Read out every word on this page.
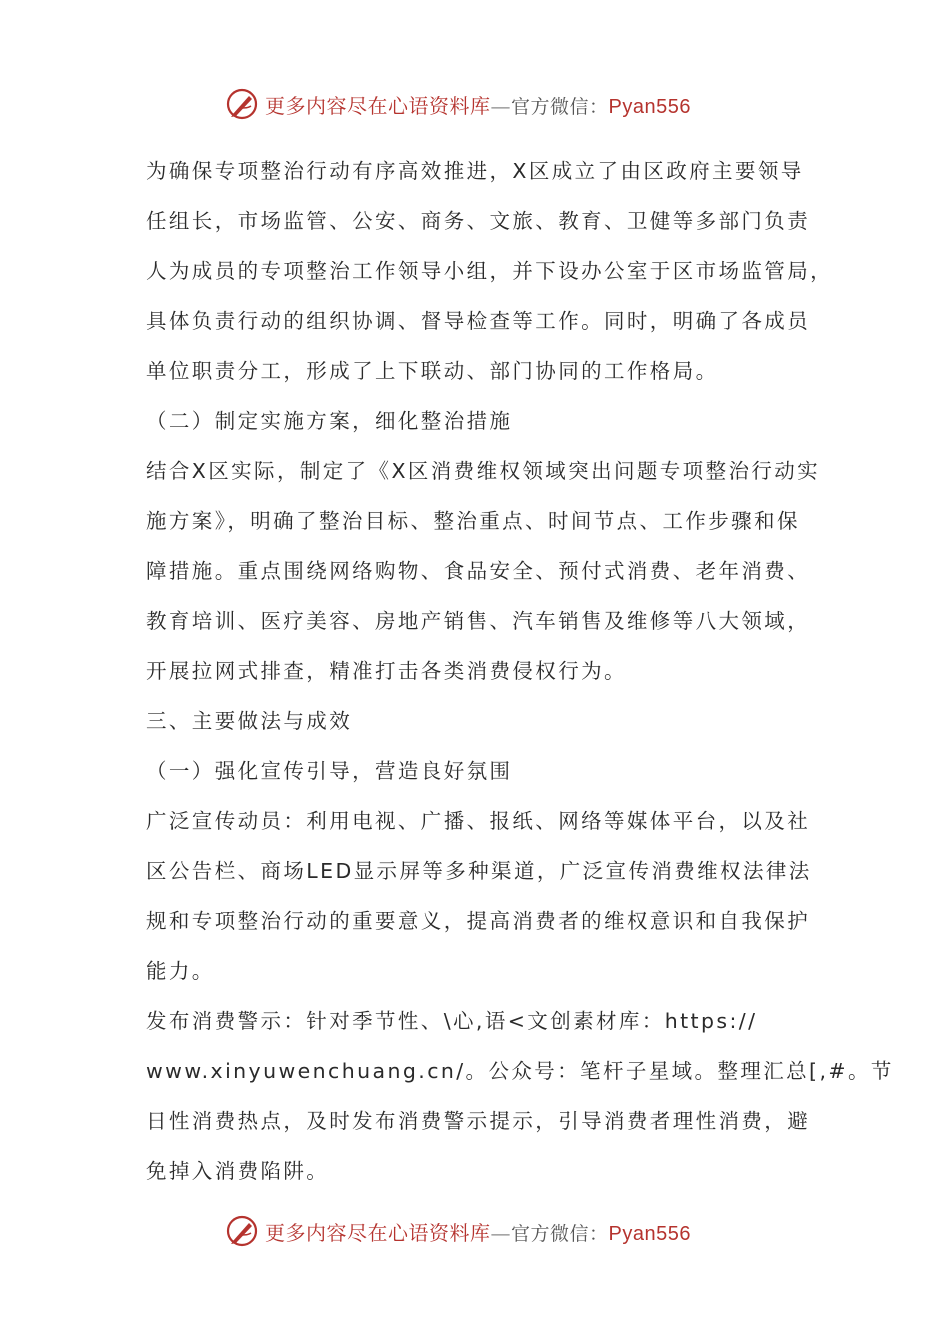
更多内容尽在心语资料库—官方微信：Pyan556
为确保专项整治行动有序高效推进，X区成立了由区政府主要领导
任组长，市场监管、公安、商务、文旅、教育、卫健等多部门负责
人为成员的专项整治工作领导小组，并下设办公室于区市场监管局，
具体负责行动的组织协调、督导检查等工作。同时，明确了各成员
单位职责分工，形成了上下联动、部门协同的工作格局。
（二）制定实施方案，细化整治措施
结合X区实际，制定了《X区消费维权领域突出问题专项整治行动实
施方案》，明确了整治目标、整治重点、时间节点、工作步骤和保
障措施。重点围绕网络购物、食品安全、预付式消费、老年消费、
教育培训、医疗美容、房地产销售、汽车销售及维修等八大领域，
开展拉网式排查，精准打击各类消费侵权行为。
三、主要做法与成效
（一）强化宣传引导，营造良好氛围
广泛宣传动员：利用电视、广播、报纸、网络等媒体平台，以及社
区公告栏、商场LED显示屏等多种渠道，广泛宣传消费维权法律法
规和专项整治行动的重要意义，提高消费者的维权意识和自我保护
能力。
发布消费警示：针对季节性、\心,语<文创素材库：https://
www.xinyuwenchuang.cn/。公众号：笔杆子星域。整理汇总[,#。节
日性消费热点，及时发布消费警示提示，引导消费者理性消费，避
免掉入消费陷阱。
更多内容尽在心语资料库—官方微信：Pyan556
